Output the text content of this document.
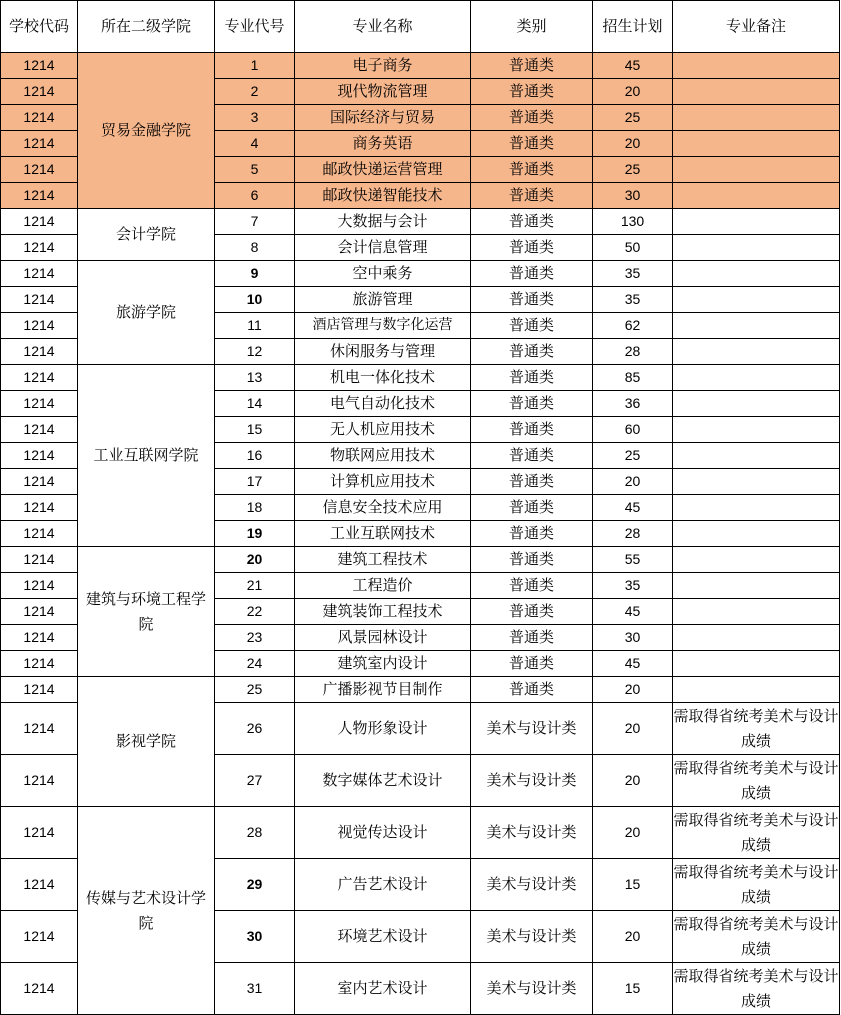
学校代码	所在二级学院	专业代号	专业名称	类别	招生计划	专业备注
1214	贸易金融学院	1	电子商务	普通类	45	
1214		2	现代物流管理	普通类	20	
1214		3	国际经济与贸易	普通类	25	
1214		4	商务英语	普通类	20	
1214		5	邮政快递运营管理	普通类	25	
1214		6	邮政快递智能技术	普通类	30	
1214	会计学院	7	大数据与会计	普通类	130	
1214		8	会计信息管理	普通类	50	
1214	旅游学院	9	空中乘务	普通类	35	
1214		10	旅游管理	普通类	35	
1214		11	酒店管理与数字化运营	普通类	62	
1214		12	休闲服务与管理	普通类	28	
1214	工业互联网学院	13	机电一体化技术	普通类	85	
1214		14	电气自动化技术	普通类	36	
1214		15	无人机应用技术	普通类	60	
1214		16	物联网应用技术	普通类	25	
1214		17	计算机应用技术	普通类	20	
1214		18	信息安全技术应用	普通类	45	
1214		19	工业互联网技术	普通类	28	
1214	建筑与环境工程学院	20	建筑工程技术	普通类	55	
1214		21	工程造价	普通类	35	
1214		22	建筑装饰工程技术	普通类	45	
1214		23	风景园林设计	普通类	30	
1214		24	建筑室内设计	普通类	45	
1214	影视学院	25	广播影视节目制作	普通类	20	
1214		26	人物形象设计	美术与设计类	20	需取得省统考美术与设计成绩
1214		27	数字媒体艺术设计	美术与设计类	20	需取得省统考美术与设计成绩
1214	传媒与艺术设计学院	28	视觉传达设计	美术与设计类	20	需取得省统考美术与设计成绩
1214		29	广告艺术设计	美术与设计类	15	需取得省统考美术与设计成绩
1214		30	环境艺术设计	美术与设计类	20	需取得省统考美术与设计成绩
1214		31	室内艺术设计	美术与设计类	15	需取得省统考美术与设计成绩
